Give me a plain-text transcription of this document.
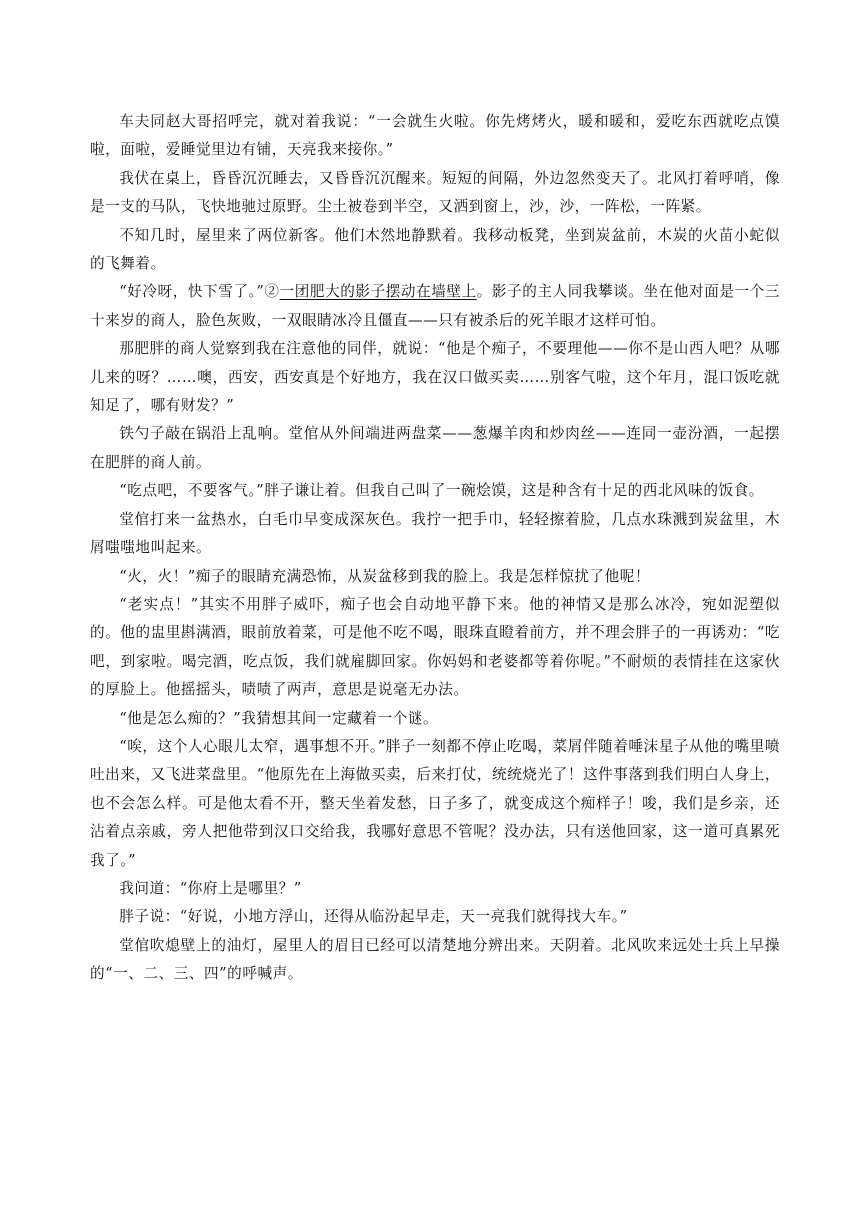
车夫同赵大哥招呼完，就对着我说：“一会就生火啦。你先烤烤火，暖和暖和，爱吃东西就吃点馍啦，面啦，爱睡觉里边有铺，天亮我来接你。”

我伏在桌上，昏昏沉沉睡去，又昏昏沉沉醒来。短短的间隔，外边忽然变天了。北风打着呼哨，像是一支的马队，飞快地驰过原野。尘土被卷到半空，又洒到窗上，沙，沙，一阵松，一阵紧。

不知几时，屋里来了两位新客。他们木然地静默着。我移动板凳，坐到炭盆前，木炭的火苗小蛇似的飞舞着。

“好冷呀，快下雪了。”②一团肥大的影子摆动在墙壁上。影子的主人同我攀谈。坐在他对面是一个三十来岁的商人，脸色灰败，一双眼睛冰冷且僵直——只有被杀后的死羊眼才这样可怕。

那肥胖的商人觉察到我在注意他的同伴，就说：“他是个痴子，不要理他——你不是山西人吧？从哪儿来的呀？……噢，西安，西安真是个好地方，我在汉口做买卖……别客气啦，这个年月，混口饭吃就知足了，哪有财发？”

铁勺子敲在锅沿上乱响。堂倌从外间端进两盘菜——葱爆羊肉和炒肉丝——连同一壶汾酒，一起摆在肥胖的商人前。

“吃点吧，不要客气。”胖子谦让着。但我自己叫了一碗烩馍，这是种含有十足的西北风味的饭食。

堂倌打来一盆热水，白毛巾早变成深灰色。我拧一把手巾，轻轻擦着脸，几点水珠溅到炭盆里，木屑嗤嗤地叫起来。

“火，火！”痴子的眼睛充满恐怖，从炭盆移到我的脸上。我是怎样惊扰了他呢！

“老实点！”其实不用胖子威吓，痴子也会自动地平静下来。他的神情又是那么冰冷，宛如泥塑似的。他的盅里斟满酒，眼前放着菜，可是他不吃不喝，眼珠直瞪着前方，并不理会胖子的一再诱劝：“吃吧，到家啦。喝完酒，吃点饭，我们就雇脚回家。你妈妈和老婆都等着你呢。”不耐烦的表情挂在这家伙的厚脸上。他摇摇头，啧啧了两声，意思是说毫无办法。

“他是怎么痴的？”我猜想其间一定藏着一个谜。

“唉，这个人心眼儿太窄，遇事想不开。”胖子一刻都不停止吃喝，菜屑伴随着唾沫星子从他的嘴里喷吐出来，又飞进菜盘里。“他原先在上海做买卖，后来打仗，统统烧光了！这件事落到我们明白人身上，也不会怎么样。可是他太看不开，整天坐着发愁，日子多了，就变成这个痴样子！唆，我们是乡亲，还沾着点亲戚，旁人把他带到汉口交给我，我哪好意思不管呢？没办法，只有送他回家，这一道可真累死我了。”

我问道：“你府上是哪里？”

胖子说：“好说，小地方浮山，还得从临汾起早走，天一亮我们就得找大车。”

堂倌吹熄壁上的油灯，屋里人的眉目已经可以清楚地分辨出来。天阴着。北风吹来远处士兵上早操的“一、二、三、四”的呼喊声。
